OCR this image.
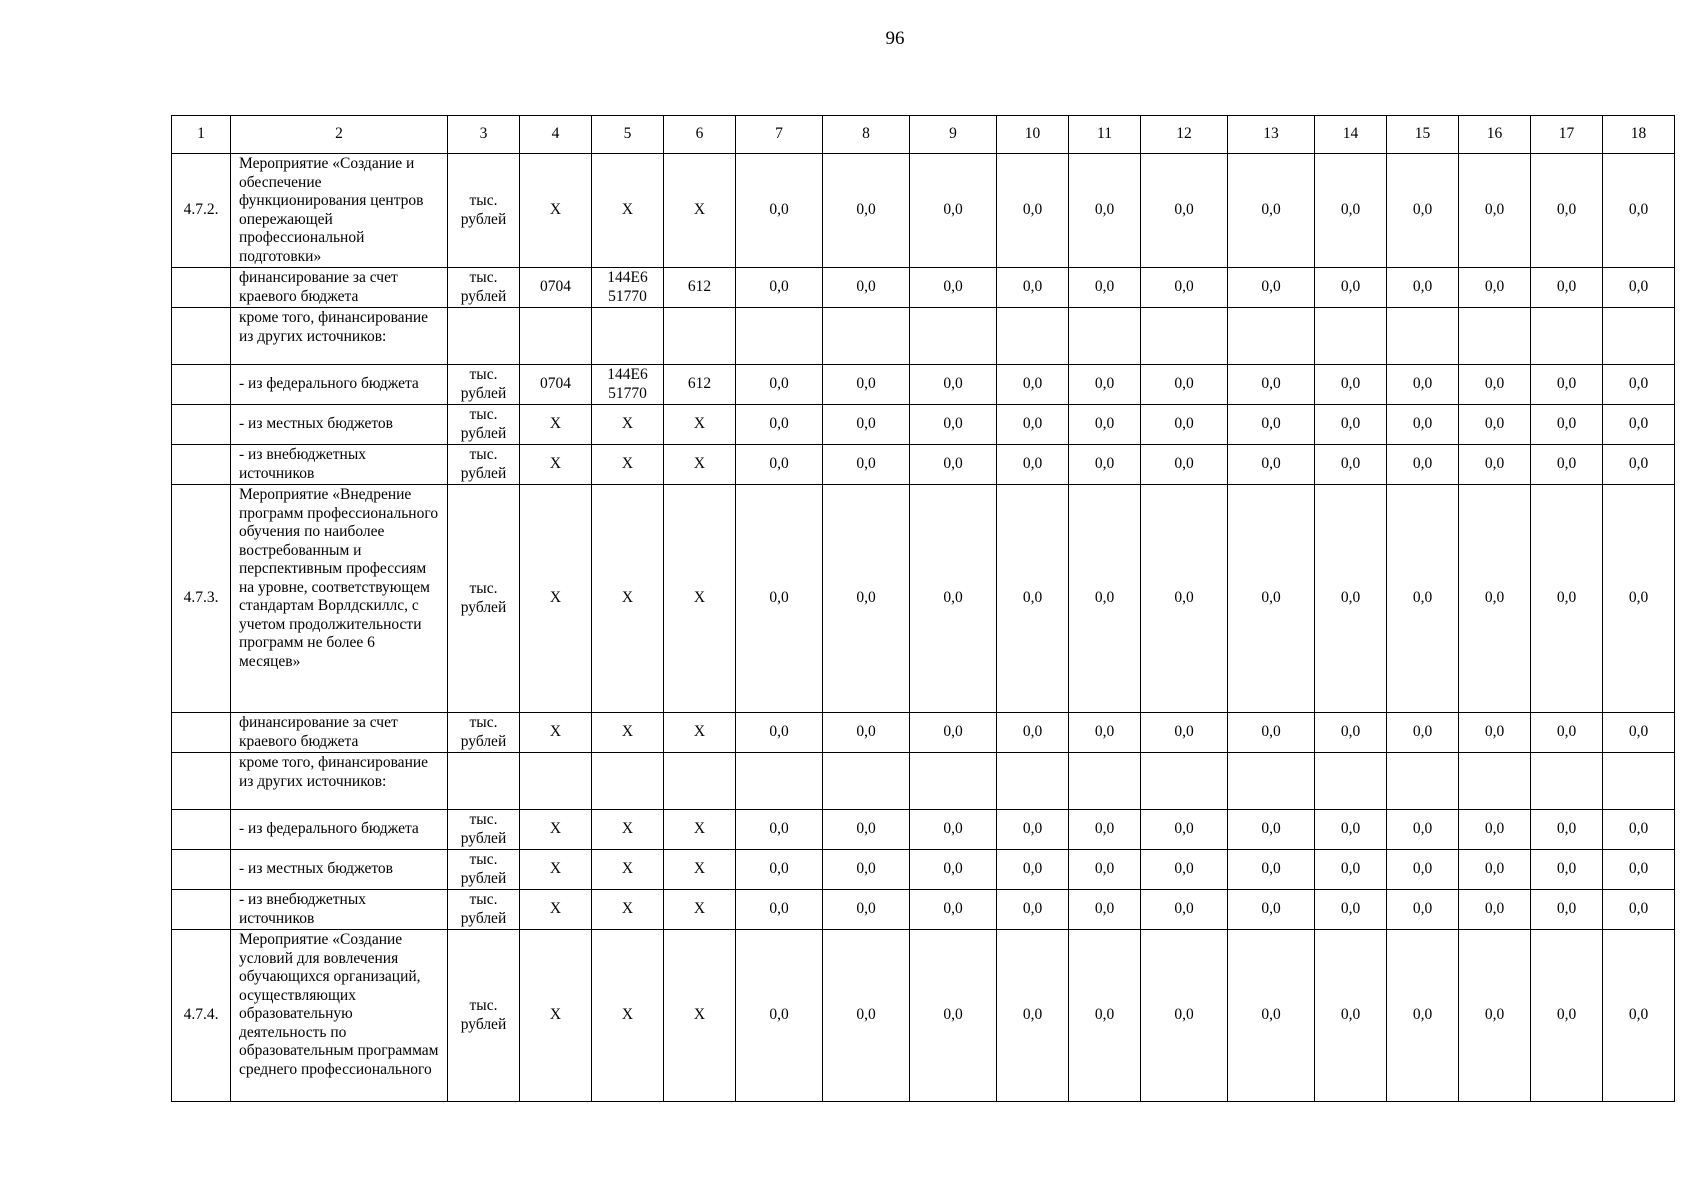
96
1	2	3	4	5	6	7	8	9	10	11	12	13	14	15	16	17	18
4.7.2.	Мероприятие «Создание и обеспечение функционирования центров опережающей профессиональной подготовки»	тыс. рублей	X	X	X	0,0	0,0	0,0	0,0	0,0	0,0	0,0	0,0	0,0	0,0	0,0	0,0
	финансирование за счет краевого бюджета	тыс. рублей	0704	144Е6 51770	612	0,0	0,0	0,0	0,0	0,0	0,0	0,0	0,0	0,0	0,0	0,0	0,0
	кроме того, финансирование из других источников:																
	- из федерального бюджета	тыс. рублей	0704	144Е6 51770	612	0,0	0,0	0,0	0,0	0,0	0,0	0,0	0,0	0,0	0,0	0,0	0,0
	- из местных бюджетов	тыс. рублей	X	X	X	0,0	0,0	0,0	0,0	0,0	0,0	0,0	0,0	0,0	0,0	0,0	0,0
	- из внебюджетных источников	тыс. рублей	X	X	X	0,0	0,0	0,0	0,0	0,0	0,0	0,0	0,0	0,0	0,0	0,0	0,0
4.7.3.	Мероприятие «Внедрение программ профессионального обучения по наиболее востребованным и перспективным профессиям на уровне, соответствующем стандартам Ворлдскиллс, с учетом продолжительности программ не более 6 месяцев»	тыс. рублей	X	X	X	0,0	0,0	0,0	0,0	0,0	0,0	0,0	0,0	0,0	0,0	0,0	0,0
	финансирование за счет краевого бюджета	тыс. рублей	X	X	X	0,0	0,0	0,0	0,0	0,0	0,0	0,0	0,0	0,0	0,0	0,0	0,0
	кроме того, финансирование из других источников:																
	- из федерального бюджета	тыс. рублей	X	X	X	0,0	0,0	0,0	0,0	0,0	0,0	0,0	0,0	0,0	0,0	0,0	0,0
	- из местных бюджетов	тыс. рублей	X	X	X	0,0	0,0	0,0	0,0	0,0	0,0	0,0	0,0	0,0	0,0	0,0	0,0
	- из внебюджетных источников	тыс. рублей	X	X	X	0,0	0,0	0,0	0,0	0,0	0,0	0,0	0,0	0,0	0,0	0,0	0,0
4.7.4.	Мероприятие «Создание условий для вовлечения обучающихся организаций, осуществляющих образовательную деятельность по образовательным программам среднего профессионального	тыс. рублей	X	X	X	0,0	0,0	0,0	0,0	0,0	0,0	0,0	0,0	0,0	0,0	0,0	0,0
